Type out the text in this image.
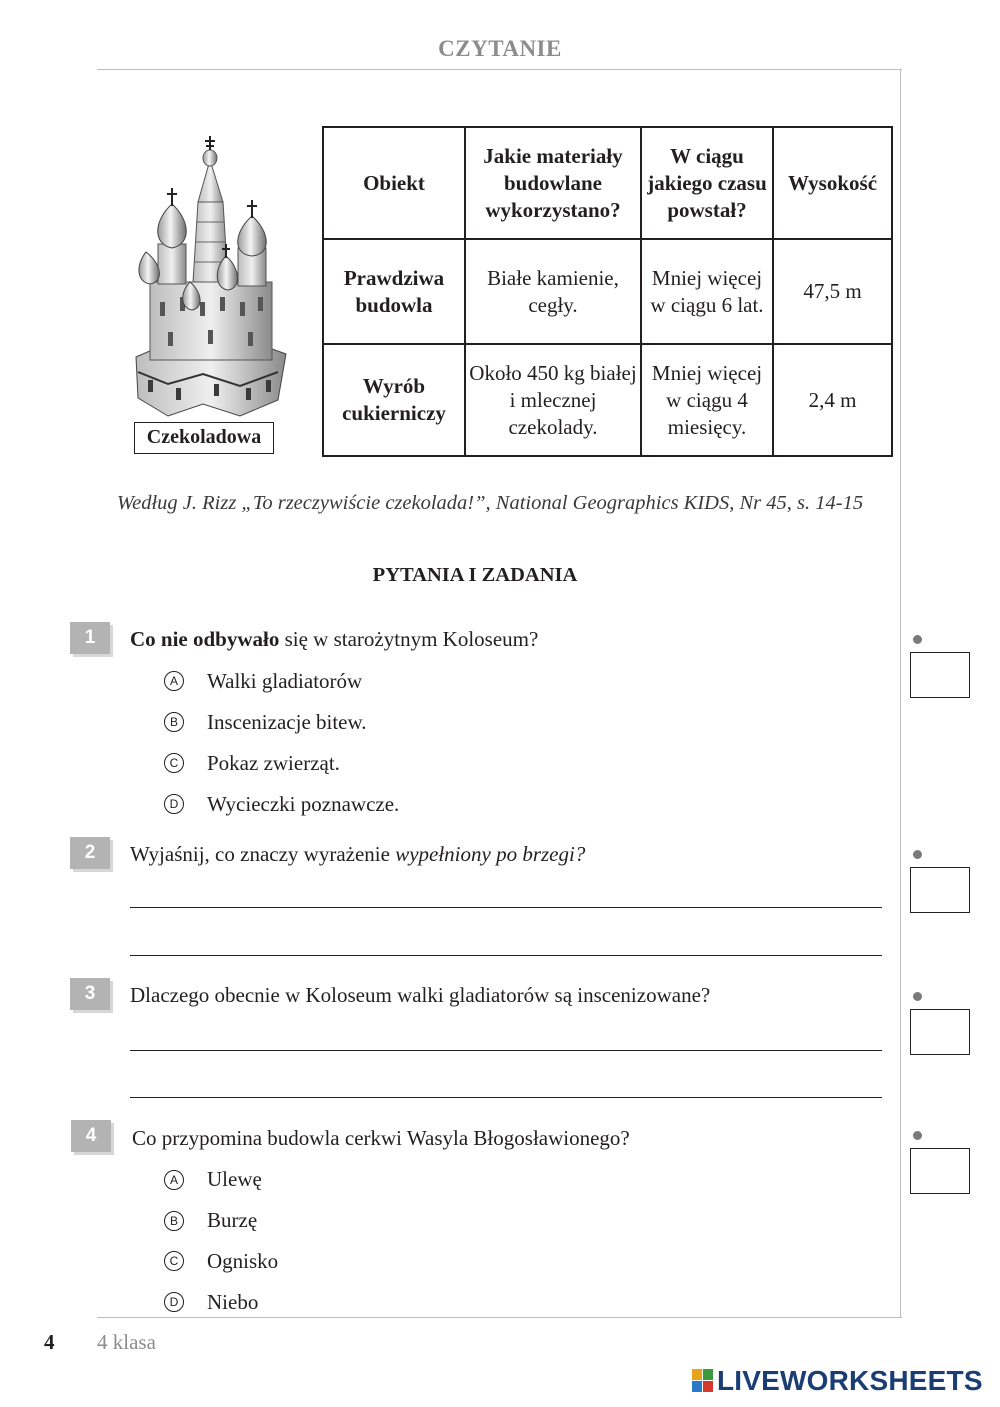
CZYTANIE
Czekoladowa
Obiekt	Jakie materiały budowlane wykorzystano?	W ciągu jakiego czasu powstał?	Wysokość
Prawdziwa budowla	Białe kamienie, cegły.	Mniej więcej w ciągu 6 lat.	47,5 m
Wyrób cukierniczy	Około 450 kg białej i mlecznej czekolady.	Mniej więcej w ciągu 4 miesięcy.	2,4 m
Według J. Rizz „To rzeczywiście czekolada!”, National Geographics KIDS, Nr 45, s. 14-15
PYTANIA I ZADANIA
1	Co nie odbywało się w starożytnym Koloseum?
A Walki gladiatorów
B Inscenizacje bitew.
C Pokaz zwierząt.
D Wycieczki poznawcze.
2	Wyjaśnij, co znaczy wyrażenie wypełniony po brzegi?
3	Dlaczego obecnie w Koloseum walki gladiatorów są inscenizowane?
4	Co przypomina budowla cerkwi Wasyla Błogosławionego?
A Ulewę
B Burzę
C Ognisko
D Niebo
4 4 klasa
LIVEWORKSHEETS
